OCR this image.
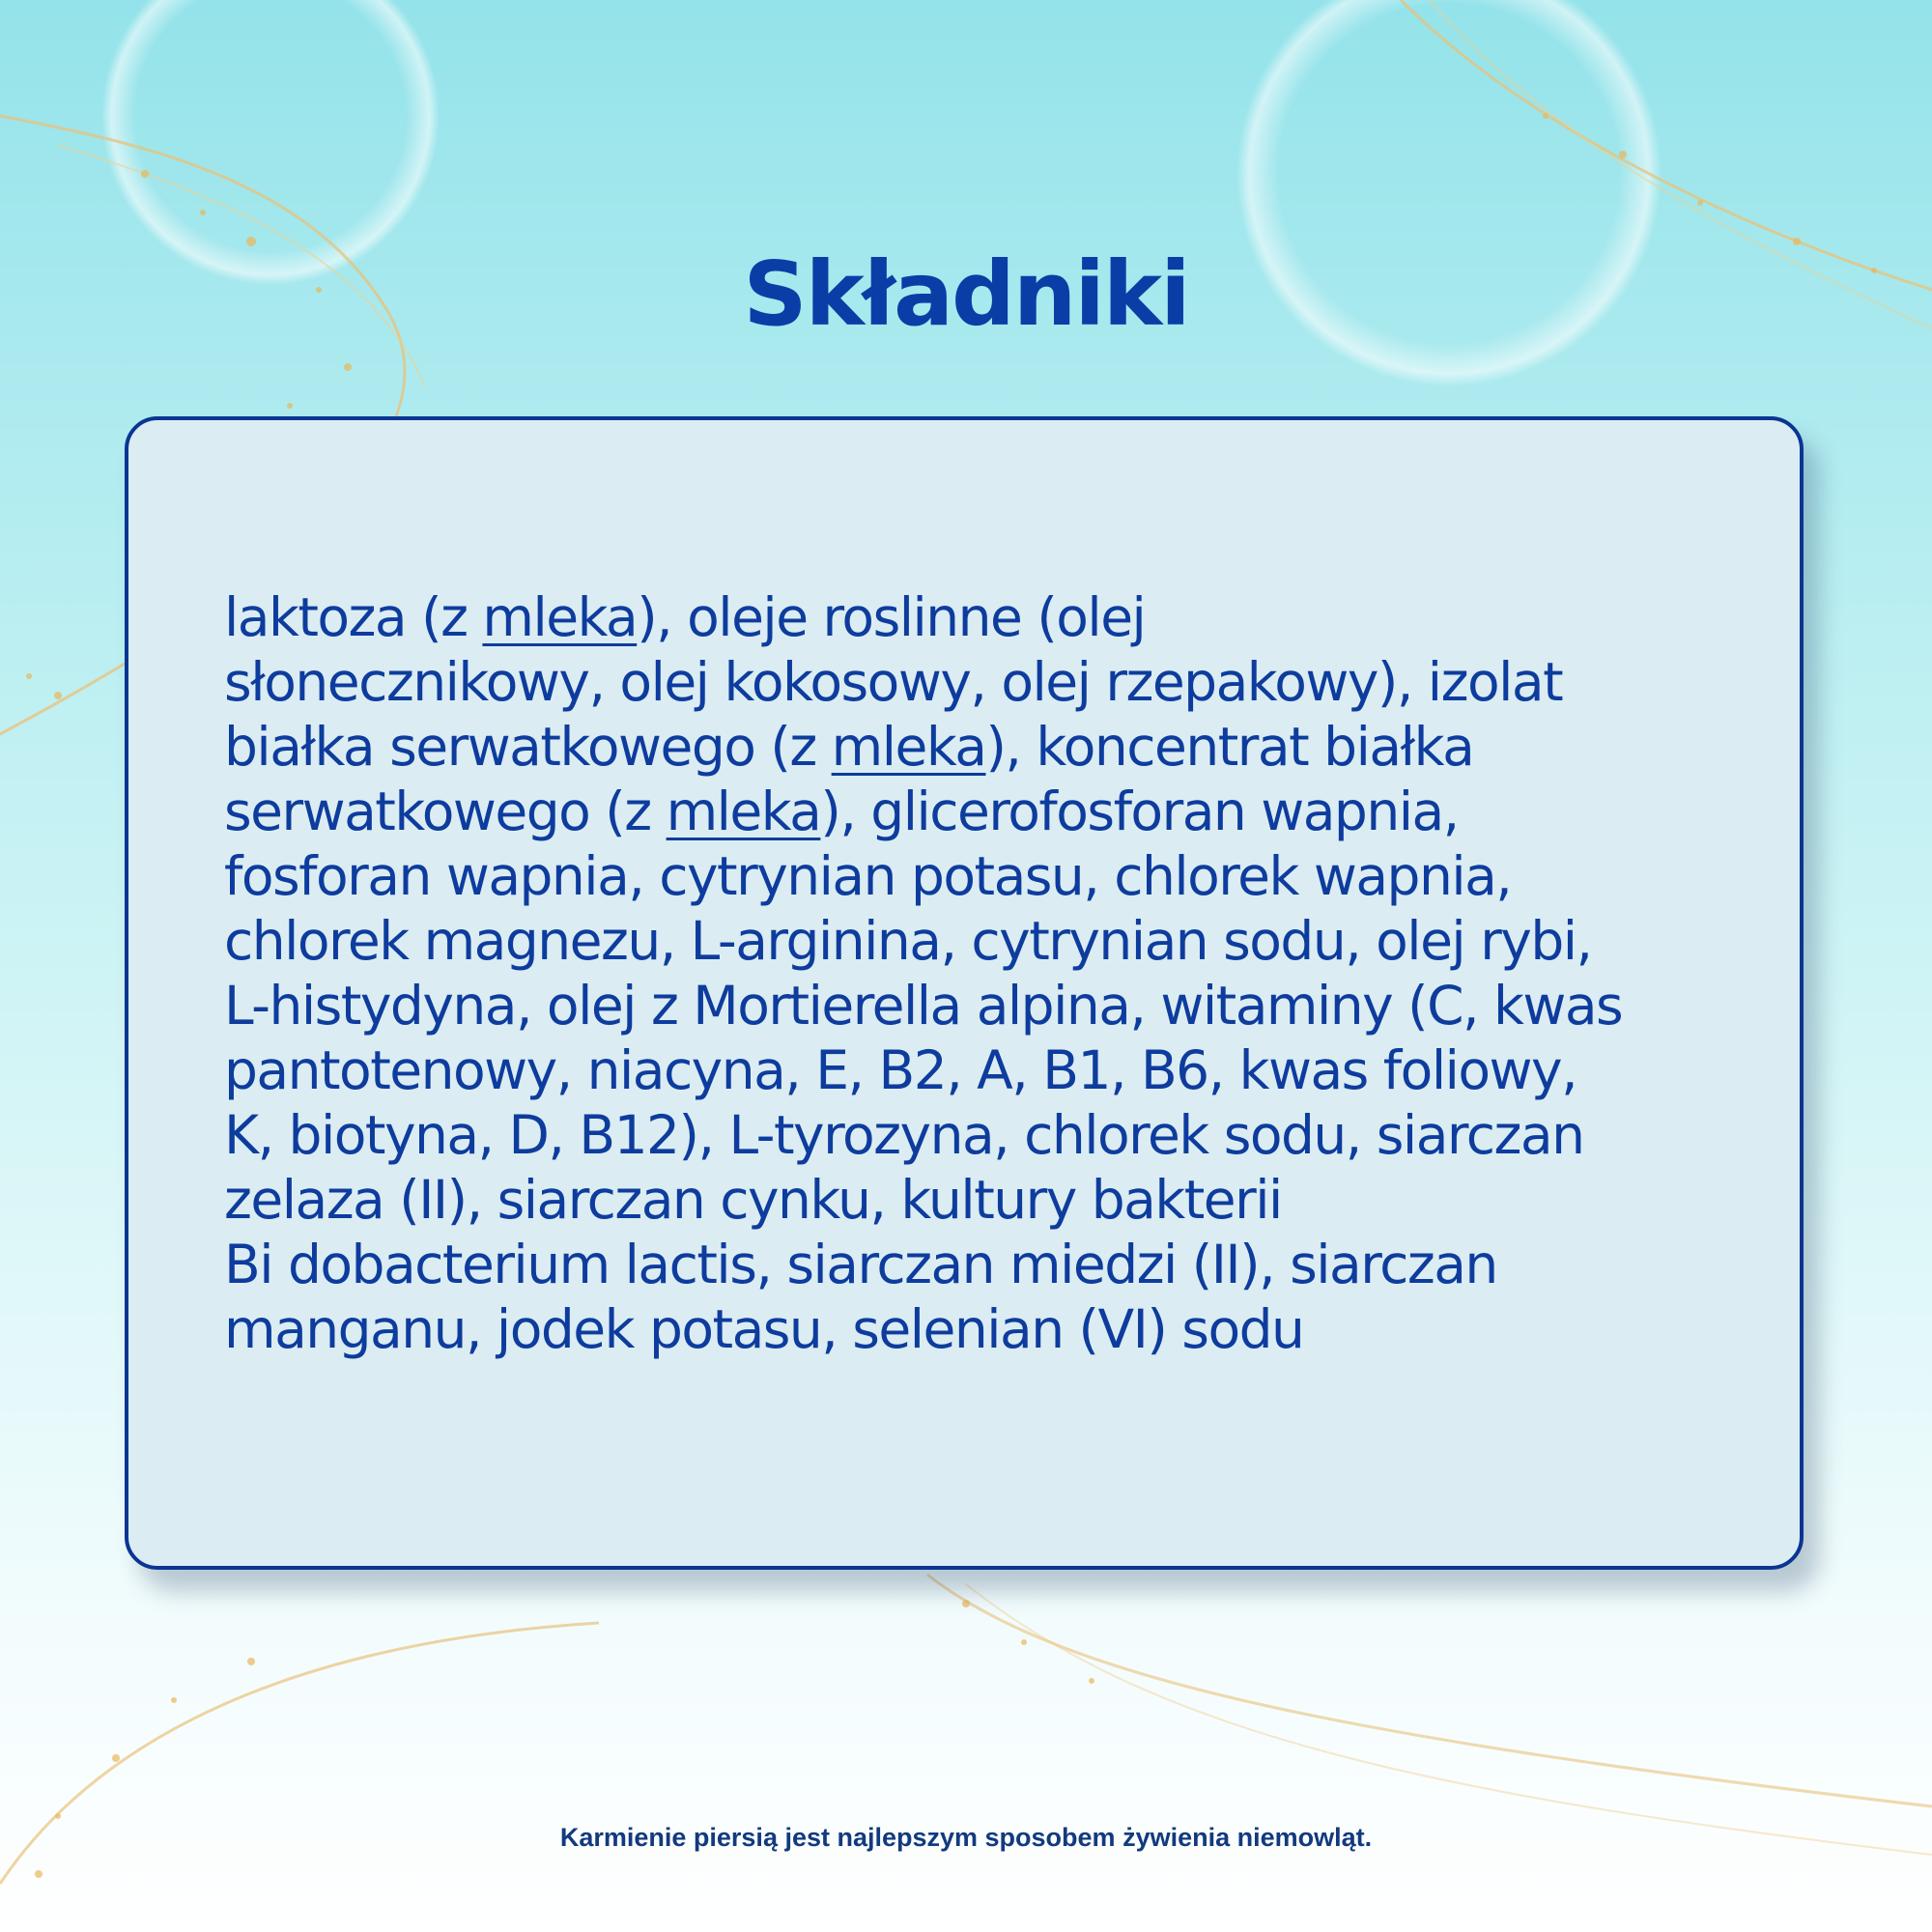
Składniki
laktoza (z mleka), oleje roslinne (olej
słonecznikowy, olej kokosowy, olej rzepakowy), izolat
białka serwatkowego (z mleka), koncentrat białka
serwatkowego (z mleka), glicerofosforan wapnia,
fosforan wapnia, cytrynian potasu, chlorek wapnia,
chlorek magnezu, L-arginina, cytrynian sodu, olej rybi,
L-histydyna, olej z Mortierella alpina, witaminy (C, kwas
pantotenowy, niacyna, E, B2, A, B1, B6, kwas foliowy,
K, biotyna, D, B12), L-tyrozyna, chlorek sodu, siarczan
zelaza (II), siarczan cynku, kultury bakterii
Bi dobacterium lactis, siarczan miedzi (II), siarczan
manganu, jodek potasu, selenian (VI) sodu
Karmienie piersią jest najlepszym sposobem żywienia niemowląt.
